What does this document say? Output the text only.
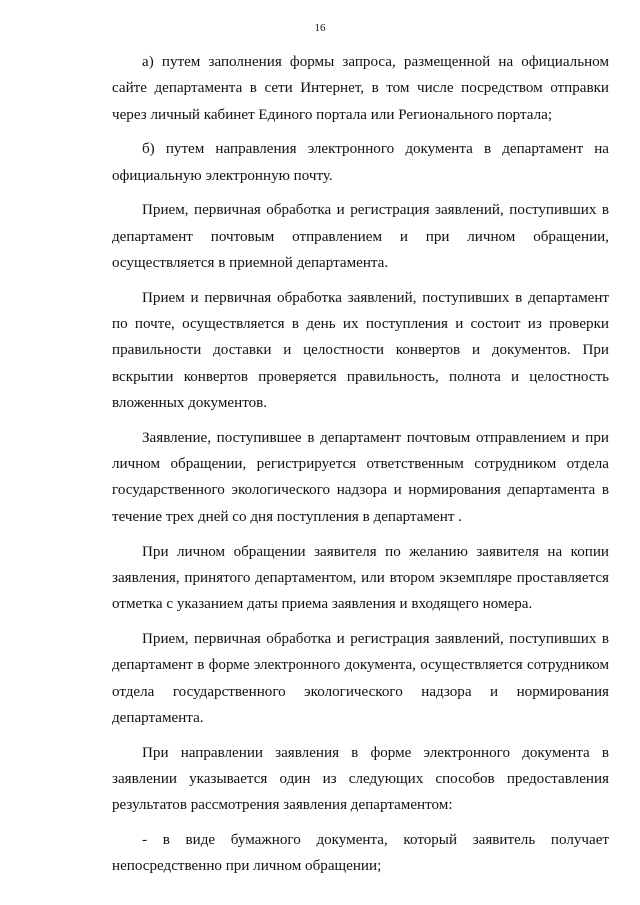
16

а) путем заполнения формы запроса, размещенной на официальном сайте департамента в сети Интернет, в том числе посредством отправки через личный кабинет Единого портала или Регионального портала;

б) путем направления электронного документа в департамент на официальную электронную почту.

Прием, первичная обработка и регистрация заявлений, поступивших в департамент почтовым отправлением и при личном обращении, осуществляется в приемной департамента.

Прием и первичная обработка заявлений, поступивших в департамент по почте, осуществляется в день их поступления и состоит из проверки правильности доставки и целостности конвертов и документов. При вскрытии конвертов проверяется правильность, полнота и целостность вложенных документов.

Заявление, поступившее в департамент почтовым отправлением и при личном обращении, регистрируется ответственным сотрудником отдела государственного экологического надзора и нормирования департамента в течение трех дней со дня поступления в департамент .

При личном обращении заявителя по желанию заявителя на копии заявления, принятого департаментом, или втором экземпляре проставляется отметка с указанием даты приема заявления и входящего номера.

Прием, первичная обработка и регистрация заявлений, поступивших в департамент в форме электронного документа, осуществляется сотрудником отдела государственного экологического надзора и нормирования департамента.

При направлении заявления в форме электронного документа в заявлении указывается один из следующих способов предоставления результатов рассмотрения заявления департаментом:

- в виде бумажного документа, который заявитель получает непосредственно при личном обращении;
